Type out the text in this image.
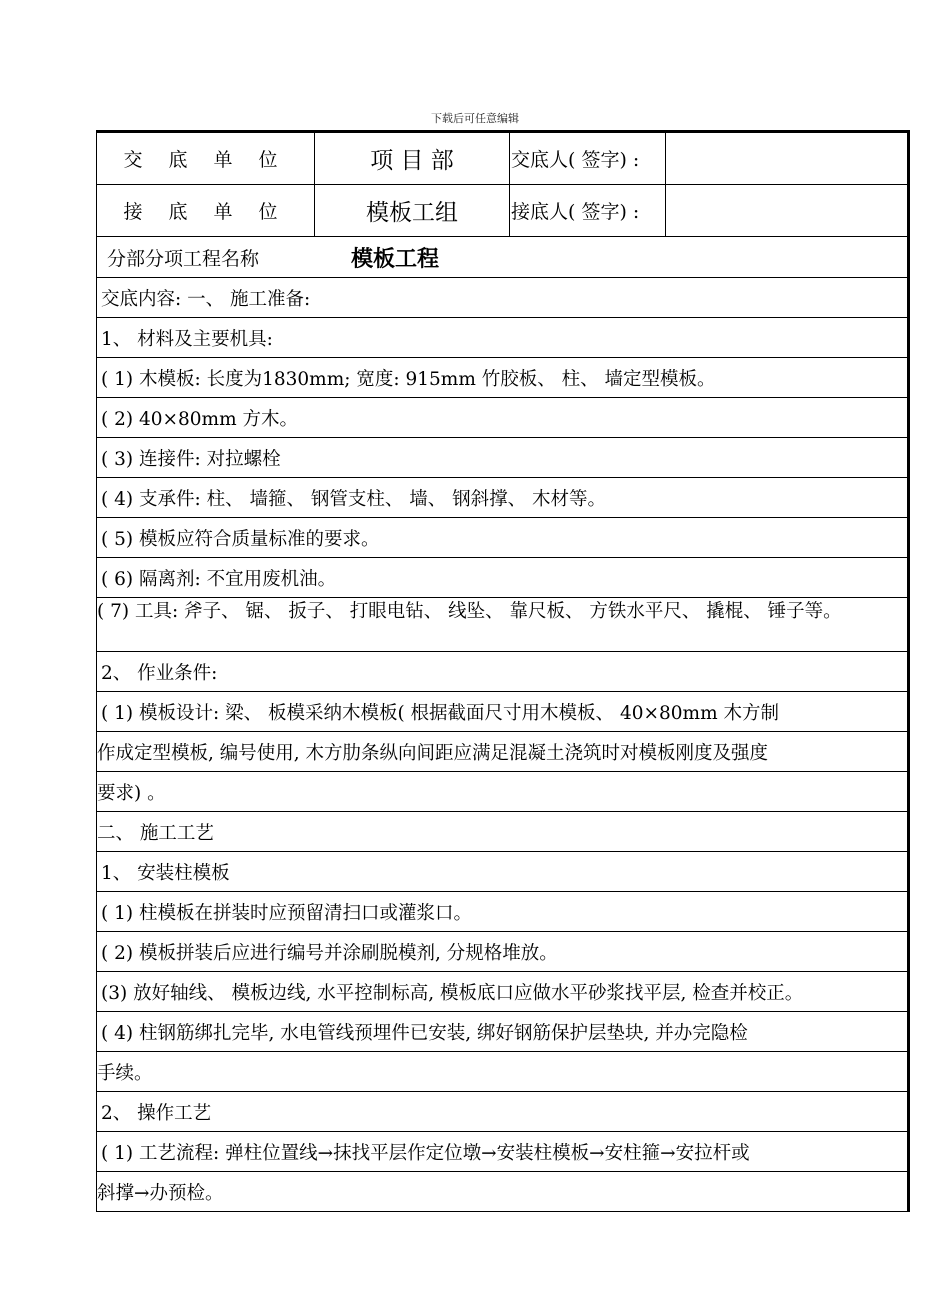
下载后可任意编辑
交 底 单 位	项 目 部	交底人( 签字) :
接 底 单 位	模板工组	接底人( 签字) :
分部分项工程名称	模板工程
交底内容: 一、 施工准备:
1、 材料及主要机具:
( 1) 木模板: 长度为1830mm; 宽度: 915mm 竹胶板、 柱、 墙定型模板。
( 2) 40×80mm 方木。
( 3) 连接件: 对拉螺栓
( 4) 支承件: 柱、 墙箍、 钢管支柱、 墙、 钢斜撑、 木材等。
( 5) 模板应符合质量标准的要求。
( 6) 隔离剂: 不宜用废机油。
( 7) 工具: 斧子、 锯、 扳子、 打眼电钻、 线坠、 靠尺板、 方铁水平尺、 撬棍、 锤子等。
2、 作业条件:
( 1) 模板设计: 梁、 板模采纳木模板( 根据截面尺寸用木模板、 40×80mm 木方制
作成定型模板, 编号使用, 木方肋条纵向间距应满足混凝土浇筑时对模板刚度及强度
要求) 。
二、 施工工艺
1、 安装柱模板
( 1) 柱模板在拼装时应预留清扫口或灌浆口。
( 2) 模板拼装后应进行编号并涂刷脱模剂, 分规格堆放。
(3) 放好轴线、 模板边线, 水平控制标高, 模板底口应做水平砂浆找平层, 检查并校正。
( 4) 柱钢筋绑扎完毕, 水电管线预埋件已安装, 绑好钢筋保护层垫块, 并办完隐检
手续。
2、 操作工艺
( 1) 工艺流程: 弹柱位置线→抹找平层作定位墩→安装柱模板→安柱箍→安拉杆或
斜撑→办预检。
